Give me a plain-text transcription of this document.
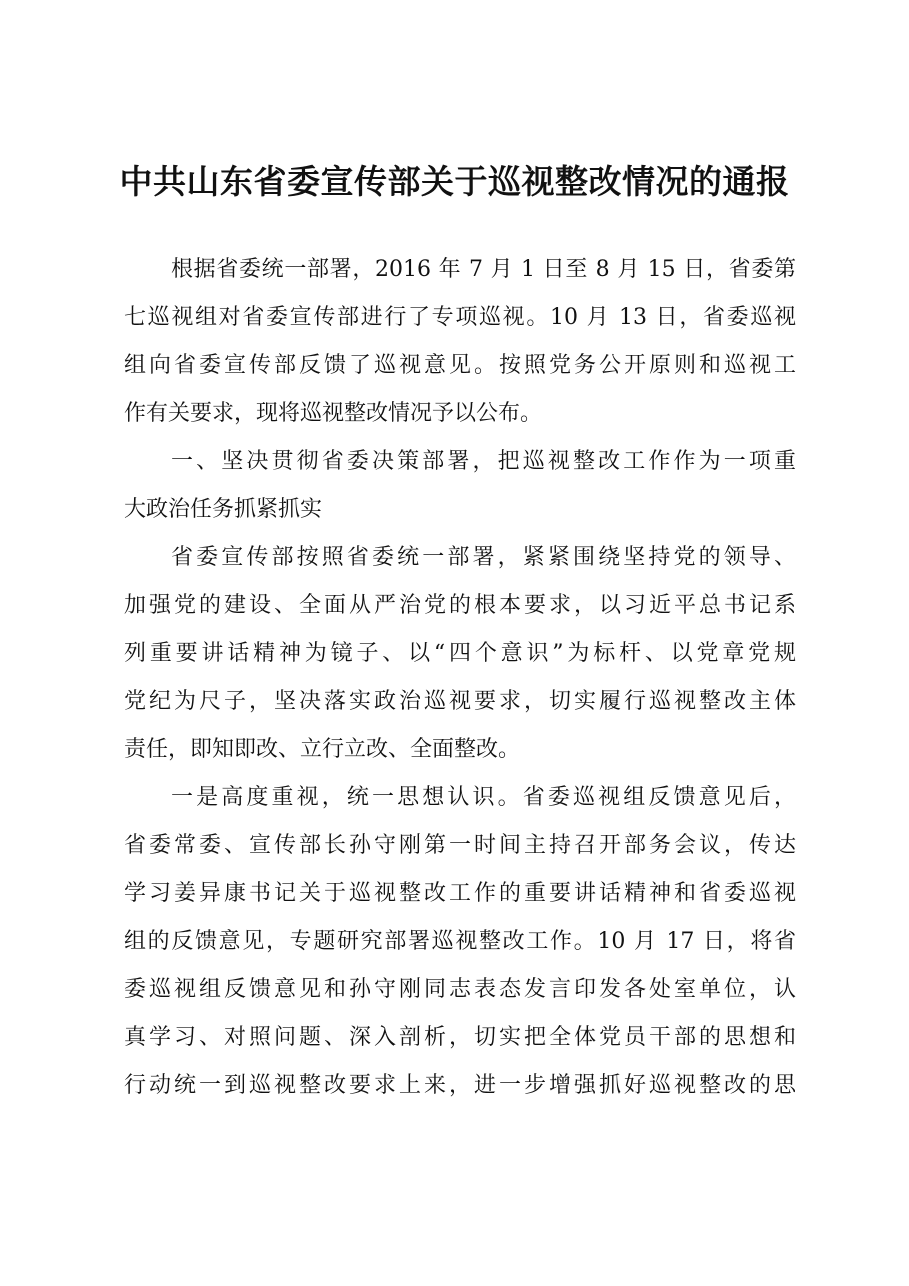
中共山东省委宣传部关于巡视整改情况的通报
根据省委统一部署，2016 年 7 月 1 日至 8 月 15 日，省委第
七巡视组对省委宣传部进行了专项巡视。10 月 13 日，省委巡视
组向省委宣传部反馈了巡视意见。按照党务公开原则和巡视工
作有关要求，现将巡视整改情况予以公布。
一、坚决贯彻省委决策部署，把巡视整改工作作为一项重
大政治任务抓紧抓实
省委宣传部按照省委统一部署，紧紧围绕坚持党的领导、
加强党的建设、全面从严治党的根本要求，以习近平总书记系
列重要讲话精神为镜子、以“四个意识”为标杆、以党章党规
党纪为尺子，坚决落实政治巡视要求，切实履行巡视整改主体
责任，即知即改、立行立改、全面整改。
一是高度重视，统一思想认识。省委巡视组反馈意见后，
省委常委、宣传部长孙守刚第一时间主持召开部务会议，传达
学习姜异康书记关于巡视整改工作的重要讲话精神和省委巡视
组的反馈意见，专题研究部署巡视整改工作。10 月 17 日，将省
委巡视组反馈意见和孙守刚同志表态发言印发各处室单位，认
真学习、对照问题、深入剖析，切实把全体党员干部的思想和
行动统一到巡视整改要求上来，进一步增强抓好巡视整改的思
